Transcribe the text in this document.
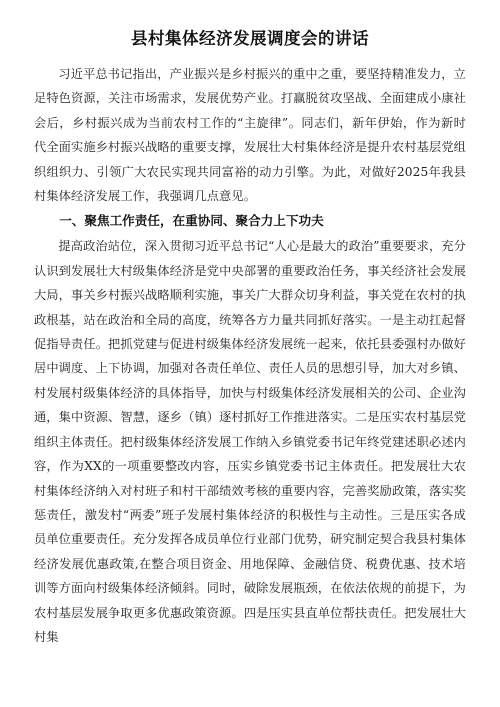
县村集体经济发展调度会的讲话

习近平总书记指出，产业振兴是乡村振兴的重中之重，要坚持精准发力，立足特色资源，关注市场需求，发展优势产业。打赢脱贫攻坚战、全面建成小康社会后，乡村振兴成为当前农村工作的“主旋律”。同志们，新年伊始，作为新时代全面实施乡村振兴战略的重要支撑，发展壮大村集体经济是提升农村基层党组织组织力、引领广大农民实现共同富裕的动力引擎。为此，对做好2025年我县村集体经济发展工作，我强调几点意见。

一、聚焦工作责任，在重协同、聚合力上下功夫

提高政治站位，深入贯彻习近平总书记“人心是最大的政治”重要要求，充分认识到发展壮大村级集体经济是党中央部署的重要政治任务，事关经济社会发展大局，事关乡村振兴战略顺利实施，事关广大群众切身利益，事关党在农村的执政根基，站在政治和全局的高度，统筹各方力量共同抓好落实。一是主动扛起督促指导责任。把抓党建与促进村级集体经济发展统一起来，依托县委强村办做好居中调度、上下协调，加强对各责任单位、责任人员的思想引导，加大对乡镇、村发展村级集体经济的具体指导，加快与村级集体经济发展相关的公司、企业沟通，集中资源、智慧，逐乡（镇）逐村抓好工作推进落实。二是压实农村基层党组织主体责任。把村级集体经济发展工作纳入乡镇党委书记年终党建述职必述内容，作为XX的一项重要整改内容，压实乡镇党委书记主体责任。把发展壮大农村集体经济纳入对村班子和村干部绩效考核的重要内容，完善奖励政策，落实奖惩责任，激发村“两委”班子发展村集体经济的积极性与主动性。三是压实各成员单位重要责任。充分发挥各成员单位行业部门优势，研究制定契合我县村集体经济发展优惠政策,在整合项目资金、用地保障、金融信贷、税费优惠、技术培训等方面向村级集体经济倾斜。同时，破除发展瓶颈，在依法依规的前提下，为农村基层发展争取更多优惠政策资源。四是压实县直单位帮扶责任。把发展壮大村集
